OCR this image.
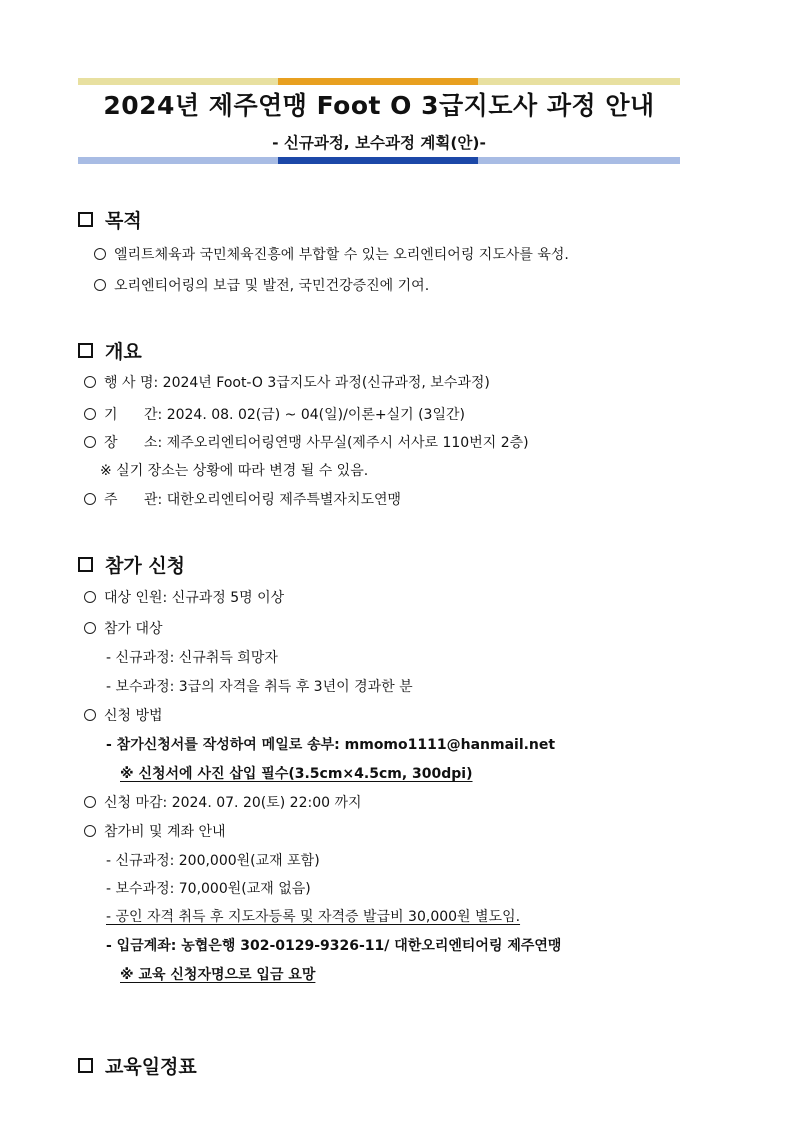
2024년 제주연맹 Foot O 3급지도사 과정 안내
- 신규과정, 보수과정 계획(안)-
목적
엘리트체육과 국민체육진흥에 부합할 수 있는 오리엔티어링 지도사를 육성.
오리엔티어링의 보급 및 발전, 국민건강증진에 기여.
개요
행 사 명: 2024년 Foot-O 3급지도사 과정(신규과정, 보수과정)
기 간: 2024. 08. 02(금) ~ 04(일)/이론+실기 (3일간)
장 소: 제주오리엔티어링연맹 사무실(제주시 서사로 110번지 2층)
※ 실기 장소는 상황에 따라 변경 될 수 있음.
주 관: 대한오리엔티어링 제주특별자치도연맹
참가 신청
대상 인원: 신규과정 5명 이상
참가 대상
- 신규과정: 신규취득 희망자
- 보수과정: 3급의 자격을 취득 후 3년이 경과한 분
신청 방법
- 참가신청서를 작성하여 메일로 송부: mmomo1111@hanmail.net
※ 신청서에 사진 삽입 필수(3.5cm×4.5cm, 300dpi)
신청 마감: 2024. 07. 20(토) 22:00 까지
참가비 및 계좌 안내
- 신규과정: 200,000원(교재 포함)
- 보수과정: 70,000원(교재 없음)
- 공인 자격 취득 후 지도자등록 및 자격증 발급비 30,000원 별도임.
- 입금계좌: 농협은행 302-0129-9326-11/ 대한오리엔티어링 제주연맹
※ 교육 신청자명으로 입금 요망
교육일정표
